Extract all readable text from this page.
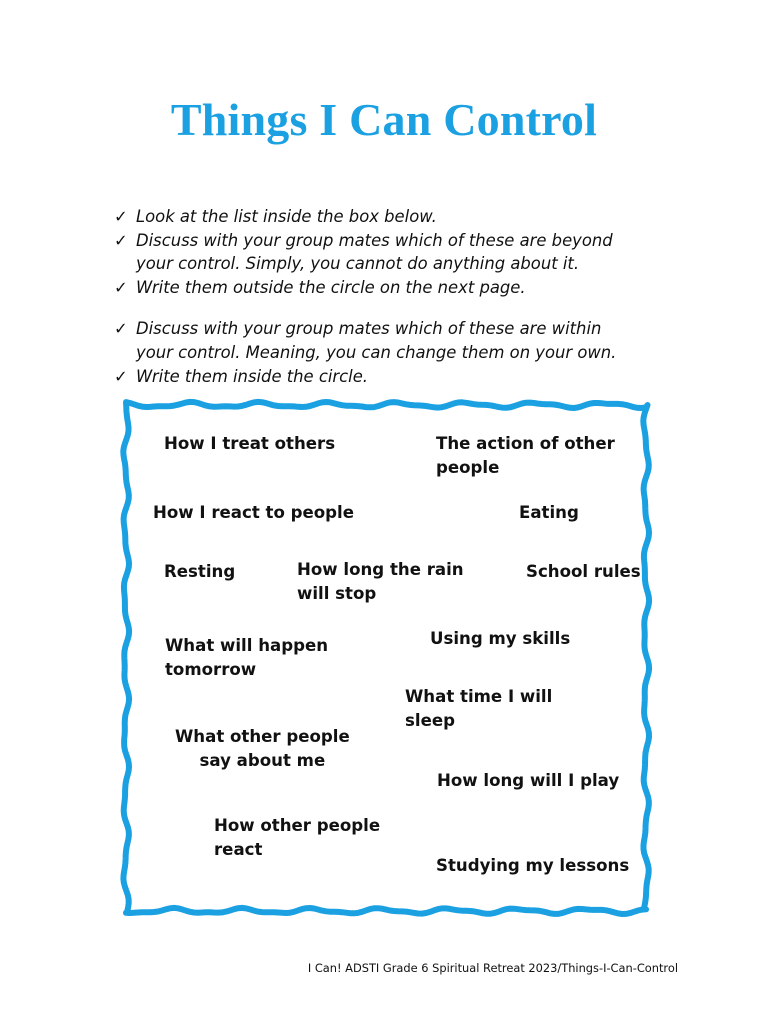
Things I Can Control
✓ Look at the list inside the box below.
✓ Discuss with your group mates which of these are beyond
your control. Simply, you cannot do anything about it.
✓ Write them outside the circle on the next page.
✓ Discuss with your group mates which of these are within
your control. Meaning, you can change them on your own.
✓ Write them inside the circle.
How I treat others	The action of other
people
How I react to people	Eating
Resting	How long the rain
will stop
School rules
What will happen
tomorrow
Using my skills
What time I will
sleep
What other people
say about me
How long will I play
How other people
react
Studying my lessons
I Can! ADSTI Grade 6 Spiritual Retreat 2023/Things-I-Can-Control
